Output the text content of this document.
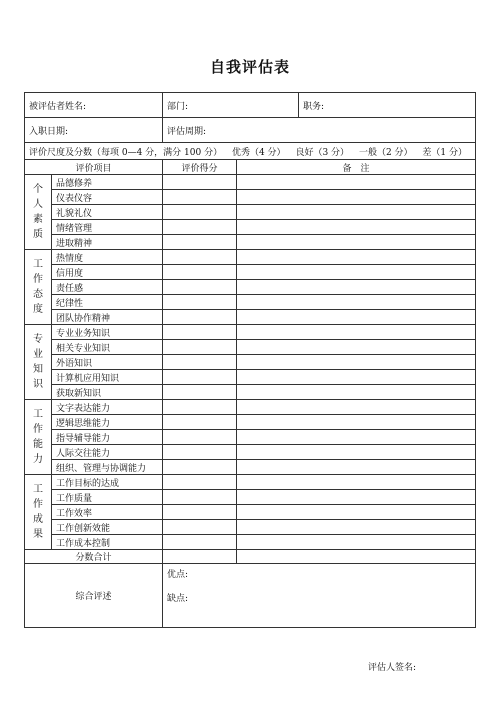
自我评估表
被评估者姓名:		部门:		职务:
入职日期:		评估周期:		

评价尺度及分数（每项 0—4 分，满分 100 分） 优秀（4 分） 良好（3 分） 一般（2 分） 差（1 分）				

评价项目		评价得分	备　注	

个
人
素
质	品德修养			
	仪表仪容			
	礼貌礼仪			
	情绪管理			
	进取精神			

工
作
态
度	热情度			
	信用度			
	责任感			
	纪律性			
	团队协作精神			

专
业
知
识	专业业务知识			
	相关专业知识			
	外语知识			
	计算机应用知识			
	获取新知识			

工
作
能
力	文字表达能力			
	逻辑思维能力			
	指导辅导能力			
	人际交往能力			
	组织、管理与协调能力			

工
作
成
果	工作目标的达成			
	工作质量			
	工作效率			
	工作创新效能			
	工作成本控制			
分数合计				
综合评述		优点:
缺点:		
评估人签名:
